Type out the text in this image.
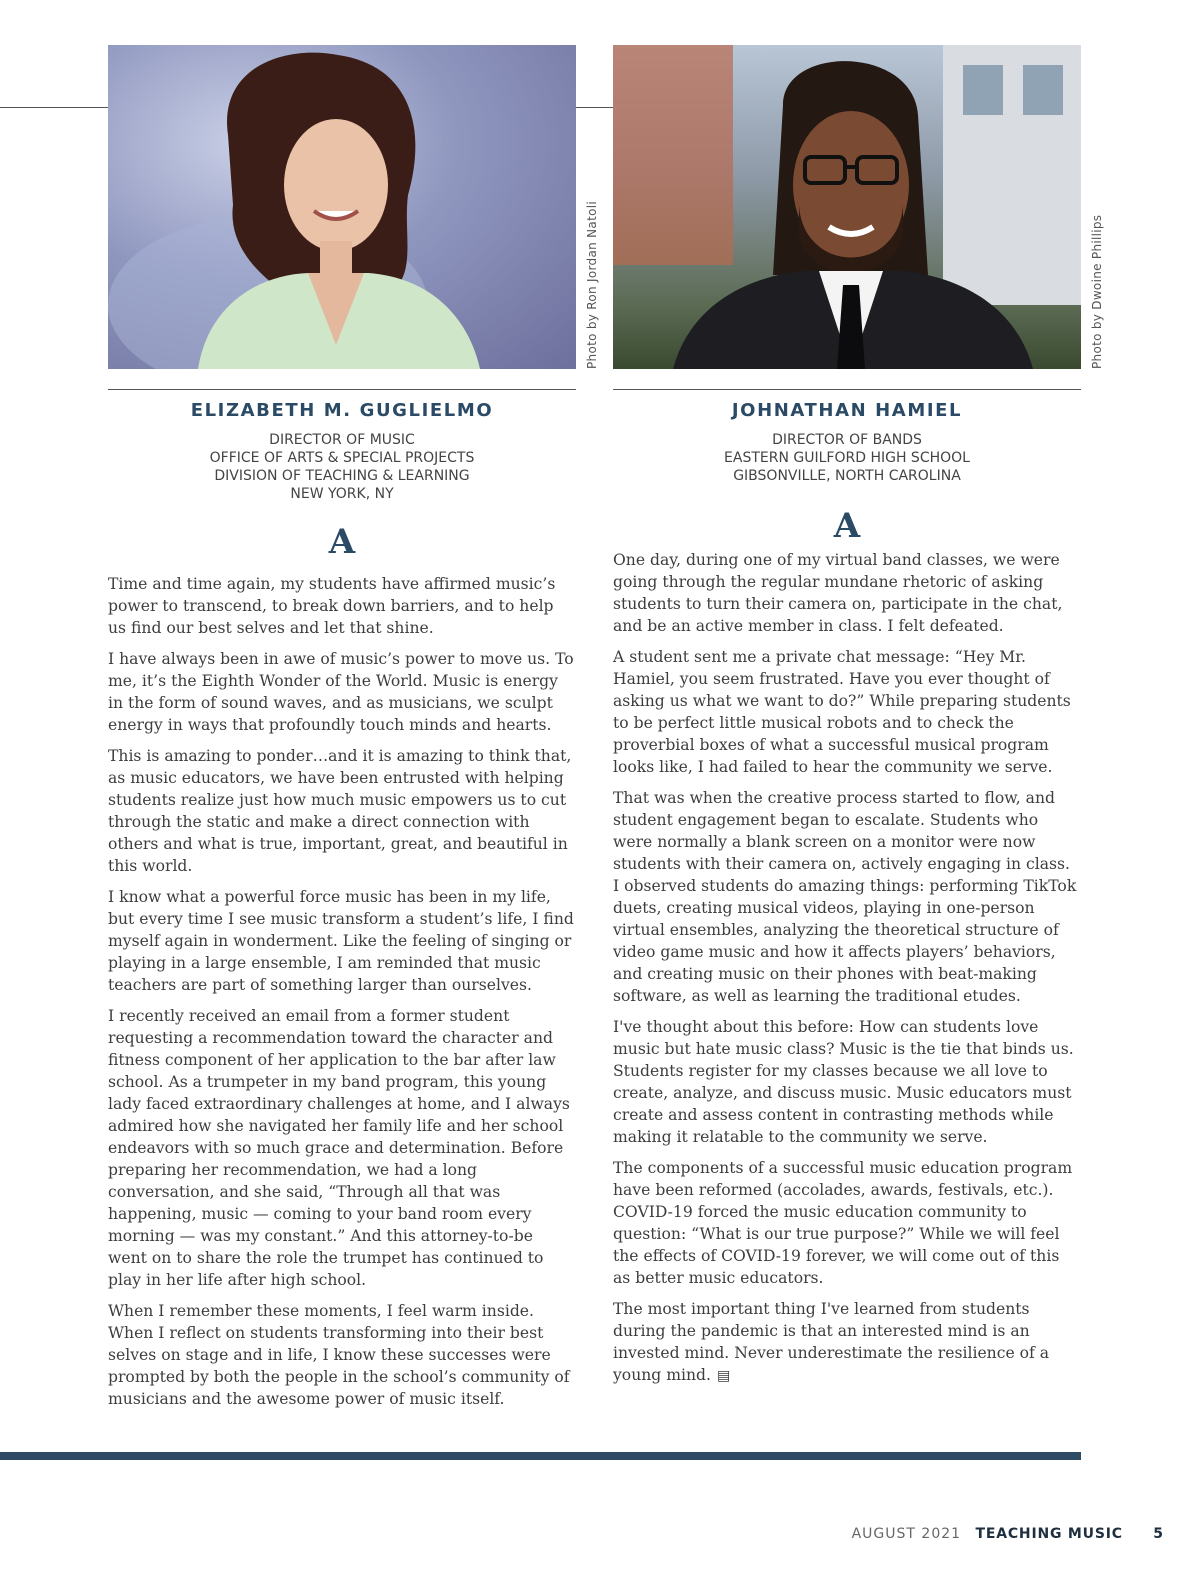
ELIZABETH M. GUGLIELMO
DIRECTOR OF MUSIC
OFFICE OF ARTS & SPECIAL PROJECTS
DIVISION OF TEACHING & LEARNING
NEW YORK, NY
A

Time and time again, my students have affirmed music’s power to transcend, to break down barriers, and to help us find our best selves and let that shine.

I have always been in awe of music’s power to move us. To me, it’s the Eighth Wonder of the World. Music is energy in the form of sound waves, and as musicians, we sculpt energy in ways that profoundly touch minds and hearts.

This is amazing to ponder…and it is amazing to think that, as music educators, we have been entrusted with helping students realize just how much music empowers us to cut through the static and make a direct connection with others and what is true, important, great, and beautiful in this world.

I know what a powerful force music has been in my life, but every time I see music transform a student’s life, I find myself again in wonderment. Like the feeling of singing or playing in a large ensemble, I am reminded that music teachers are part of something larger than ourselves.

I recently received an email from a former student requesting a recommendation toward the character and fitness component of her application to the bar after law school. As a trumpeter in my band program, this young lady faced extraordinary challenges at home, and I always admired how she navigated her family life and her school endeavors with so much grace and determination. Before preparing her recommendation, we had a long conversation, and she said, “Through all that was happening, music — coming to your band room every morning — was my constant.” And this attorney-to-be went on to share the role the trumpet has continued to play in her life after high school.

When I remember these moments, I feel warm inside. When I reflect on students transforming into their best selves on stage and in life, I know these successes were prompted by both the people in the school’s community of musicians and the awesome power of music itself.

Photo by Ron Jordan Natoli
JOHNATHAN HAMIEL
DIRECTOR OF BANDS
EASTERN GUILFORD HIGH SCHOOL
GIBSONVILLE, NORTH CAROLINA
A

One day, during one of my virtual band classes, we were going through the regular mundane rhetoric of asking students to turn their camera on, participate in the chat, and be an active member in class. I felt defeated.

A student sent me a private chat message: “Hey Mr. Hamiel, you seem frustrated. Have you ever thought of asking us what we want to do?” While preparing students to be perfect little musical robots and to check the proverbial boxes of what a successful musical program looks like, I had failed to hear the community we serve.

That was when the creative process started to flow, and student engagement began to escalate. Students who were normally a blank screen on a monitor were now students with their camera on, actively engaging in class. I observed students do amazing things: performing TikTok duets, creating musical videos, playing in one-person virtual ensembles, analyzing the theoretical structure of video game music and how it affects players’ behaviors, and creating music on their phones with beat-making software, as well as learning the traditional etudes.

I've thought about this before: How can students love music but hate music class? Music is the tie that binds us. Students register for my classes because we all love to create, analyze, and discuss music. Music educators must create and assess content in contrasting methods while making it relatable to the community we serve.

The components of a successful music education program have been reformed (accolades, awards, festivals, etc.). COVID-19 forced the music education community to question: “What is our true purpose?” While we will feel the effects of COVID-19 forever, we will come out of this as better music educators.

The most important thing I've learned from students during the pandemic is that an interested mind is an invested mind. Never underestimate the resilience of a young mind. ▤

Photo by Dwoine Phillips
AUGUST 2021 TEACHING MUSIC 5
